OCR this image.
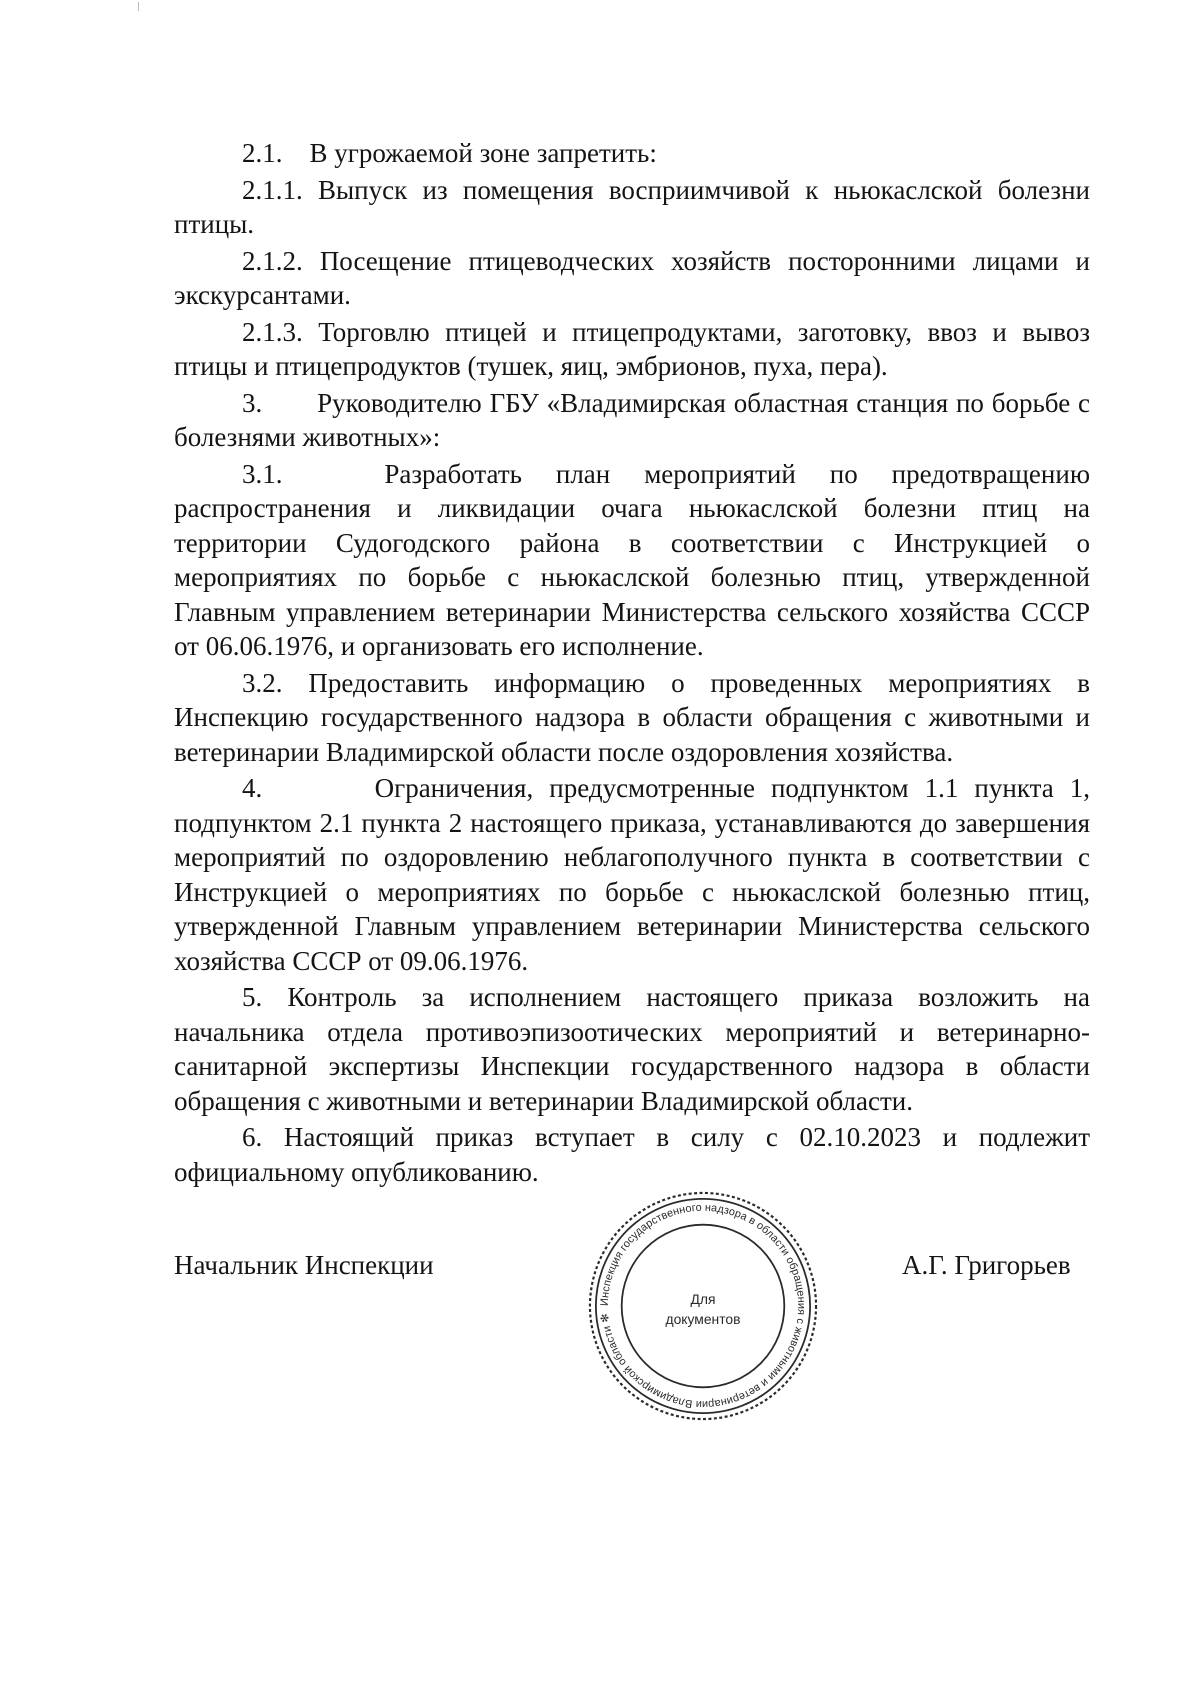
2.1.    В угрожаемой зоне запретить:

2.1.1. Выпуск из помещения восприимчивой к ньюкаслской болезни птицы.

2.1.2. Посещение птицеводческих хозяйств посторонними лицами и экскурсантами.

2.1.3. Торговлю птицей и птицепродуктами, заготовку, ввоз и вывоз птицы и птицепродуктов (тушек, яиц, эмбрионов, пуха, пера).

3.       Руководителю ГБУ «Владимирская областная станция по борьбе с болезнями животных»:

3.1.   Разработать план мероприятий по предотвращению распространения и ликвидации очага ньюкаслской болезни птиц на территории Судогодского района в соответствии с Инструкцией о мероприятиях по борьбе с ньюкаслской болезнью птиц, утвержденной Главным управлением ветеринарии Министерства сельского хозяйства СССР от 06.06.1976, и организовать его исполнение.

3.2. Предоставить информацию о проведенных мероприятиях в Инспекцию государственного надзора в области обращения с животными и ветеринарии Владимирской области после оздоровления хозяйства.

4.       Ограничения, предусмотренные подпунктом 1.1 пункта 1, подпунктом 2.1 пункта 2 настоящего приказа, устанавливаются до завершения мероприятий по оздоровлению неблагополучного пункта в соответствии с Инструкцией о мероприятиях по борьбе с ньюкаслской болезнью птиц, утвержденной Главным управлением ветеринарии Министерства сельского хозяйства СССР от 09.06.1976.

5. Контроль за исполнением настоящего приказа возложить на начальника отдела противоэпизоотических мероприятий и ветеринарно-санитарной экспертизы Инспекции государственного надзора в области обращения с животными и ветеринарии Владимирской области.

6. Настоящий приказ вступает в силу с 02.10.2023 и подлежит официальному опубликованию.

Начальник Инспекции
Инспекция государственного надзора в области обращения с животными и ветеринарии Владимирской области ✻
Для
документов
А.Г. Григорьев
